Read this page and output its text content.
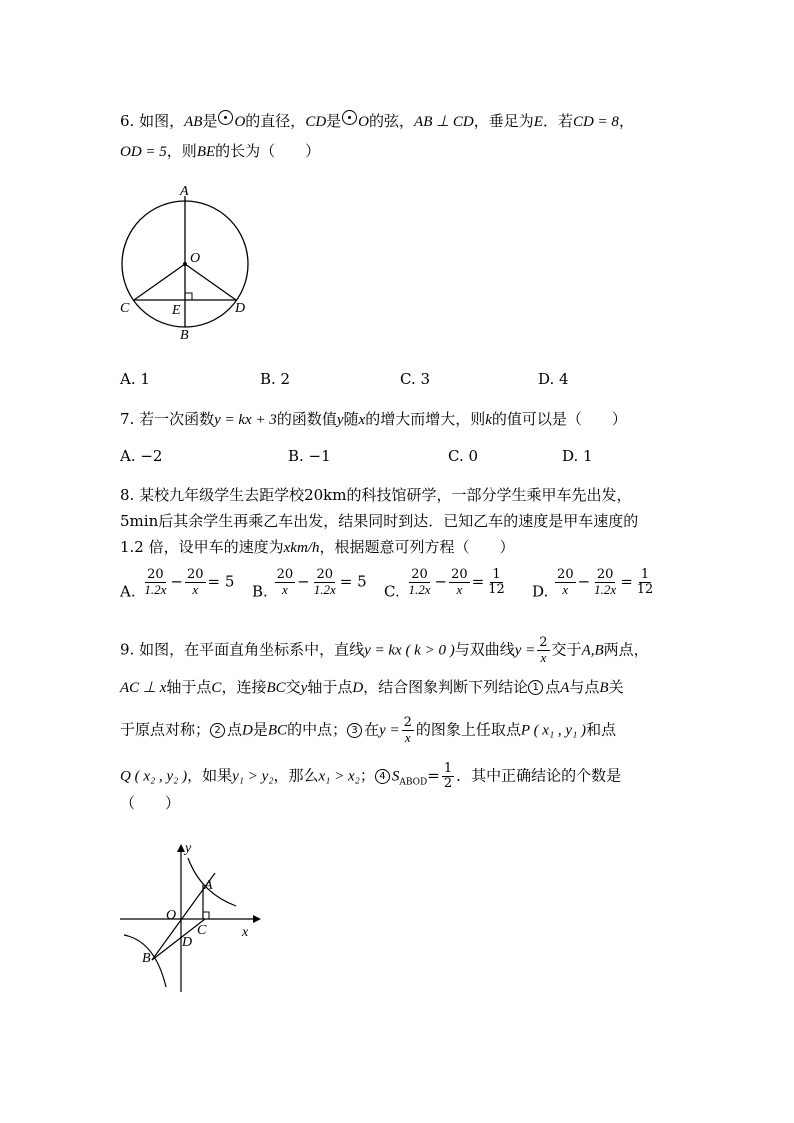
6. 如图，AB是 O的直径，CD是 O的弦，AB ⊥ CD，垂足为E．若CD = 8，
OD = 5，则BE的长为（　　）
A
O
C	E	D
B
A. 1	B. 2	C. 3	D. 4
7. 若一次函数y = kx + 3的函数值y随x的增大而增大，则k的值可以是（　　）
A. −2	B. −1	C. 0	D. 1
8. 某校九年级学生去距学校20km的科技馆研学，一部分学生乘甲车先出发，
5min后其余学生再乘乙车出发，结果同时到达．已知乙车的速度是甲车速度的
1.2 倍，设甲车的速度为xkm/h，根据题意可列方程（　　）
A. $\frac{20}{1.2x} - \frac{20}{x} = 5$
B. $\frac{20}{x} - \frac{20}{1.2x} = 5$
C. $\frac{20}{1.2x} - \frac{20}{x} = \frac{1}{12} D$. $\frac{20}{x} - \frac{20}{1.2x} = \frac{1}{12}$
9. 如图，在平面直角坐标系中，直线y = kx ( k > 0 )与双曲线$y = \frac{2}{x}$ 交于A,B两点，
AC ⊥ x轴于点C，连接BC交y轴于点D，结合图象判断下列结论 1 点A与点B关
于原点对称； 2 点D是BC的中点； 3 在$y = \frac{2}{x}$ 的图象上任取点P ( x₁ , y₁ )和点
Q ( x₂ , y₂ )，如果y₁ > y₂，那么x₁ > x₂； 4 $S_{ABOD}= \frac{1}{2}$ ．其中正确结论的个数是
（　　）
y
x
A
O
C
D
B
